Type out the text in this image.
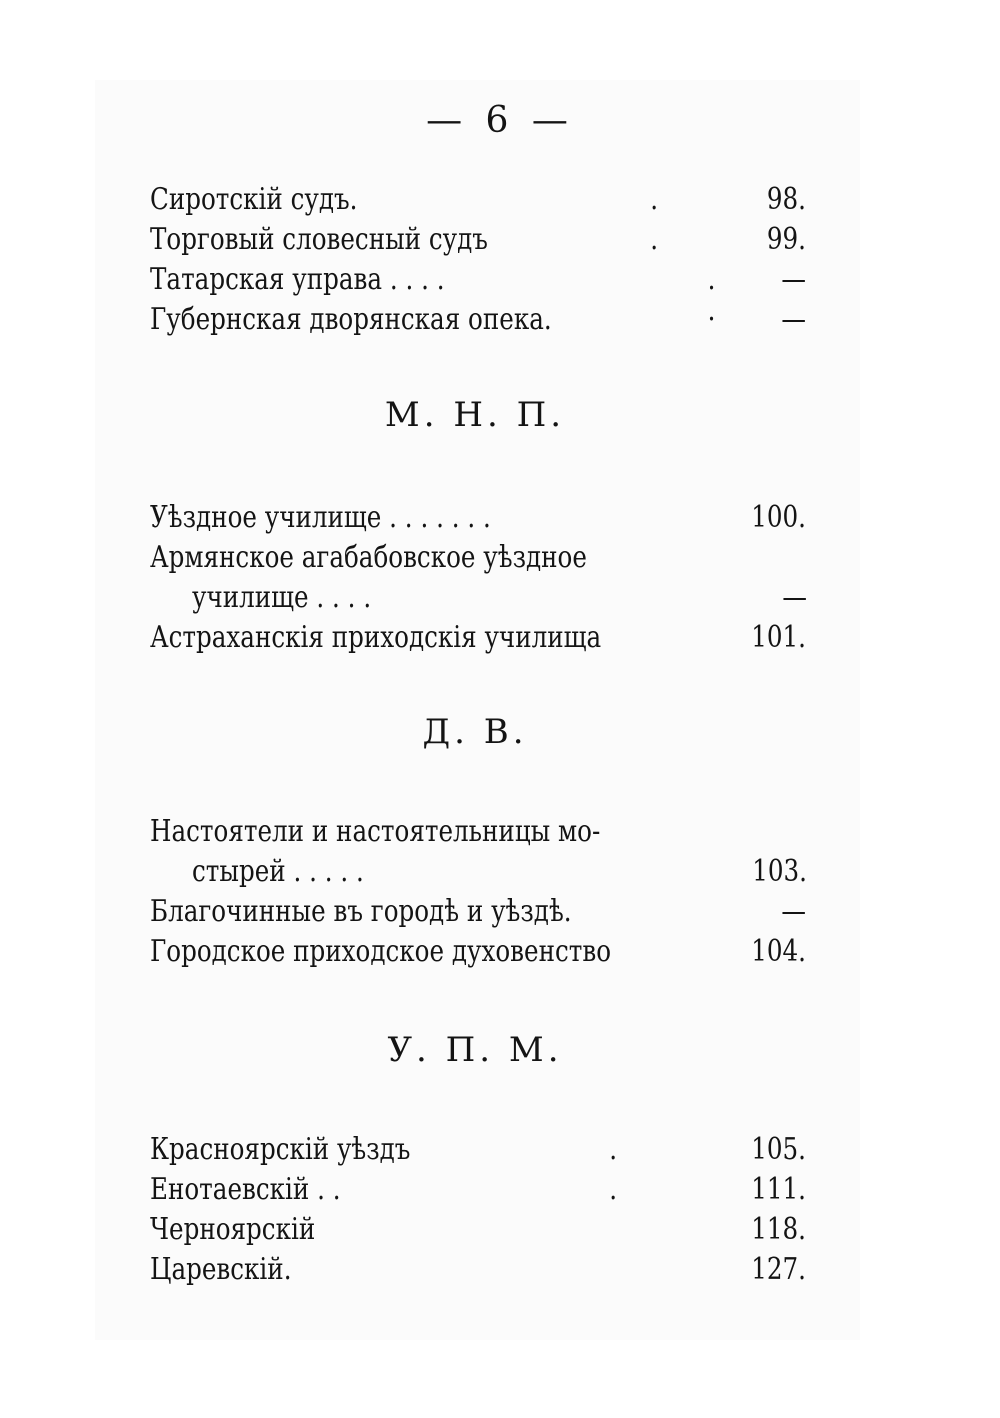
— 6 —
Сиротскій судъ.	.	98.
Торговый словесный судъ	.	99.
Татарская управа . . . .	. —
Губернская дворянская опека.	· —
М. Н. П.
Уѣздное училище . . . . . . .	100.
Армянское агабабовское уѣздное
училище . . . .	—
Астраханскія приходскія училища	101.
Д. В.
Настоятели и настоятельницы мо-
стырей . . . . .	103.
Благочинные въ городѣ и уѣздѣ.	—
Городское приходское духовенство	104.
У. П. М.
Красноярскій уѣздъ	.	105.
Енотаевскій . .	.	111.
Черноярскій	118.
Царевскій.	127.
